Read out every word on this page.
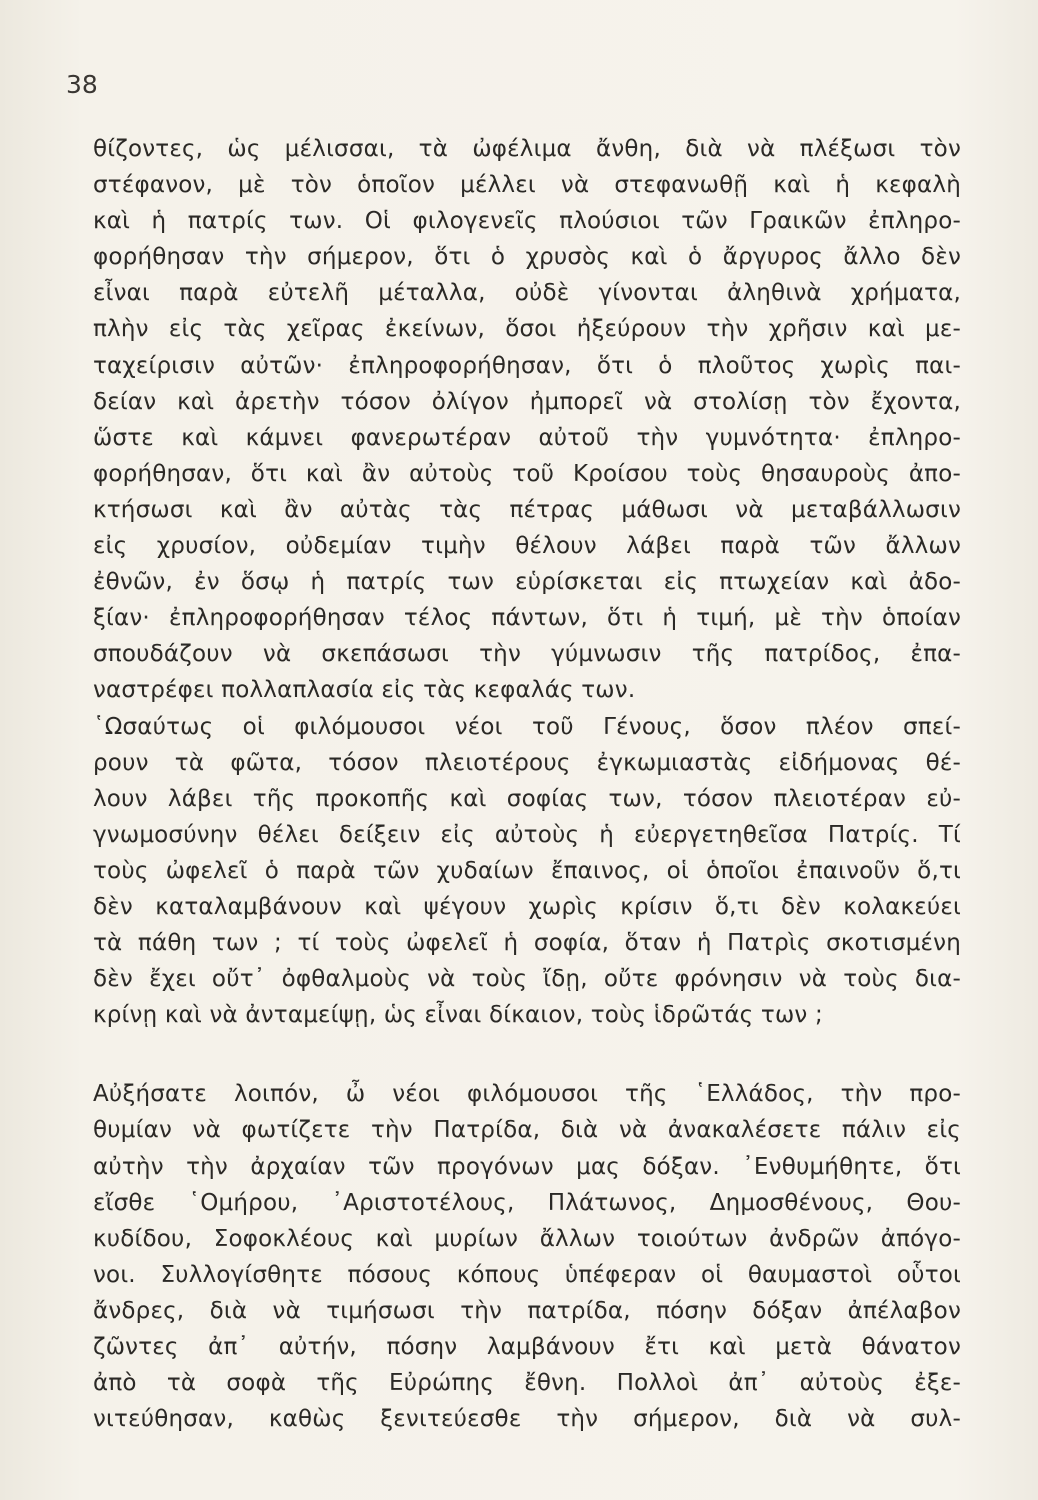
38
θίζοντες, ὡς μέλισσαι, τὰ ὠφέλιμα ἄνθη, διὰ νὰ πλέξωσι τὸν
στέφανον, μὲ τὸν ὁποῖον μέλλει νὰ στεφανωθῇ καὶ ἡ κεφαλὴ
καὶ ἡ πατρίς των. Οἱ φιλογενεῖς πλούσιοι τῶν Γραικῶν ἐπληρο-
φορήθησαν τὴν σήμερον, ὅτι ὁ χρυσὸς καὶ ὁ ἄργυρος ἄλλο δὲν
εἶναι παρὰ εὐτελῆ μέταλλα, οὐδὲ γίνονται ἀληθινὰ χρήματα,
πλὴν εἰς τὰς χεῖρας ἐκείνων, ὅσοι ἠξεύρουν τὴν χρῆσιν καὶ με-
ταχείρισιν αὐτῶν· ἐπληροφορήθησαν, ὅτι ὁ πλοῦτος χωρὶς παι-
δείαν καὶ ἀρετὴν τόσον ὀλίγον ἠμπορεῖ νὰ στολίσῃ τὸν ἔχοντα,
ὥστε καὶ κάμνει φανερωτέραν αὐτοῦ τὴν γυμνότητα· ἐπληρο-
φορήθησαν, ὅτι καὶ ἂν αὐτοὺς τοῦ Κροίσου τοὺς θησαυροὺς ἀπο-
κτήσωσι καὶ ἂν αὐτὰς τὰς πέτρας μάθωσι νὰ μεταβάλλωσιν
εἰς χρυσίον, οὐδεμίαν τιμὴν θέλουν λάβει παρὰ τῶν ἄλλων
ἐθνῶν, ἐν ὅσῳ ἡ πατρίς των εὑρίσκεται εἰς πτωχείαν καὶ ἀδο-
ξίαν· ἐπληροφορήθησαν τέλος πάντων, ὅτι ἡ τιμή, μὲ τὴν ὁποίαν
σπουδάζουν νὰ σκεπάσωσι τὴν γύμνωσιν τῆς πατρίδος, ἐπα-
ναστρέφει πολλαπλασία εἰς τὰς κεφαλάς των.
῾Ωσαύτως οἱ φιλόμουσοι νέοι τοῦ Γένους, ὅσον πλέον σπεί-
ρουν τὰ φῶτα, τόσον πλειοτέρους ἐγκωμιαστὰς εἰδήμονας θέ-
λουν λάβει τῆς προκοπῆς καὶ σοφίας των, τόσον πλειοτέραν εὐ-
γνωμοσύνην θέλει δείξειν εἰς αὐτοὺς ἡ εὐεργετηθεῖσα Πατρίς. Τί
τοὺς ὠφελεῖ ὁ παρὰ τῶν χυδαίων ἔπαινος, οἱ ὁποῖοι ἐπαινοῦν ὅ,τι
δὲν καταλαμβάνουν καὶ ψέγουν χωρὶς κρίσιν ὅ,τι δὲν κολακεύει
τὰ πάθη των ; τί τοὺς ὠφελεῖ ἡ σοφία, ὅταν ἡ Πατρὶς σκοτισμένη
δὲν ἔχει οὔτ᾽ ὀφθαλμοὺς νὰ τοὺς ἴδῃ, οὔτε φρόνησιν νὰ τοὺς δια-
κρίνῃ καὶ νὰ ἀνταμείψῃ, ὡς εἶναι δίκαιον, τοὺς ἱδρῶτάς των ;
Αὐξήσατε λοιπόν, ὦ νέοι φιλόμουσοι τῆς ῾Ελλάδος, τὴν προ-
θυμίαν νὰ φωτίζετε τὴν Πατρίδα, διὰ νὰ ἀνακαλέσετε πάλιν εἰς
αὐτὴν τὴν ἀρχαίαν τῶν προγόνων μας δόξαν. ᾽Ενθυμήθητε, ὅτι
εἴσθε ῾Ομήρου, ᾽Αριστοτέλους, Πλάτωνος, Δημοσθένους, Θου-
κυδίδου, Σοφοκλέους καὶ μυρίων ἄλλων τοιούτων ἀνδρῶν ἀπόγο-
νοι. Συλλογίσθητε πόσους κόπους ὑπέφεραν οἱ θαυμαστοὶ οὗτοι
ἄνδρες, διὰ νὰ τιμήσωσι τὴν πατρίδα, πόσην δόξαν ἀπέλαβον
ζῶντες ἀπ᾽ αὐτήν, πόσην λαμβάνουν ἔτι καὶ μετὰ θάνατον
ἀπὸ τὰ σοφὰ τῆς Εὐρώπης ἔθνη. Πολλοὶ ἀπ᾽ αὐτοὺς ἐξε-
νιτεύθησαν, καθὼς ξενιτεύεσθε τὴν σήμερον, διὰ νὰ συλ-
